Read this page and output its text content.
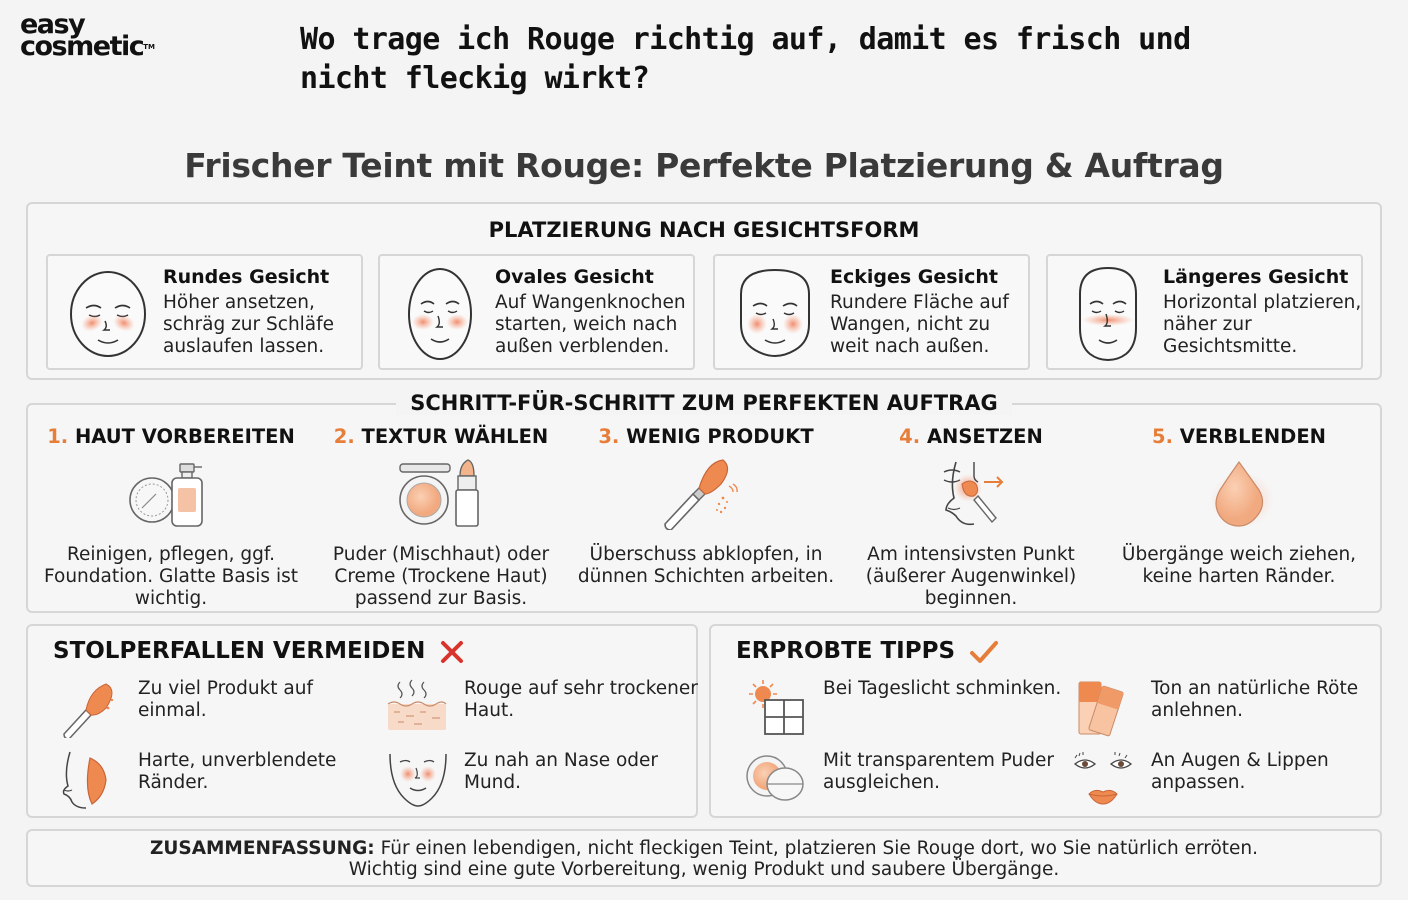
easy
cosmetic™	Wo trage ich Rouge richtig auf, damit es frisch und nicht fleckig wirkt?
Frischer Teint mit Rouge: Perfekte Platzierung & Auftrag
PLATZIERUNG NACH GESICHTSFORM
Rundes Gesicht
Höher ansetzen, schräg zur Schläfe auslaufen lassen.
Ovales Gesicht
Auf Wangenknochen starten, weich nach außen verblenden.
Eckiges Gesicht
Rundere Fläche auf Wangen, nicht zu weit nach außen.
Längeres Gesicht
Horizontal platzieren, näher zur Gesichtsmitte.
SCHRITT-FÜR-SCHRITT ZUM PERFEKTEN AUFTRAG
1. HAUT VORBEREITEN
Reinigen, pflegen, ggf. Foundation. Glatte Basis ist wichtig.
2. TEXTUR WÄHLEN
Puder (Mischhaut) oder Creme (Trockene Haut) passend zur Basis.
3. WENIG PRODUKT
Überschuss abklopfen, in dünnen Schichten arbeiten.
4. ANSETZEN
Am intensivsten Punkt (äußerer Augenwinkel) beginnen.
5. VERBLENDEN
Übergänge weich ziehen, keine harten Ränder.
STOLPERFALLEN VERMEIDEN
Zu viel Produkt auf einmal.
Rouge auf sehr trockener Haut.
Harte, unverblendete Ränder.
Zu nah an Nase oder Mund.
ERPROBTE TIPPS
Bei Tageslicht schminken.	Ton an natürliche Röte anlehnen.
Mit transparentem Puder ausgleichen.
An Augen & Lippen anpassen.
ZUSAMMENFASSUNG: Für einen lebendigen, nicht fleckigen Teint, platzieren Sie Rouge dort, wo Sie natürlich erröten.
Wichtig sind eine gute Vorbereitung, wenig Produkt und saubere Übergänge.
